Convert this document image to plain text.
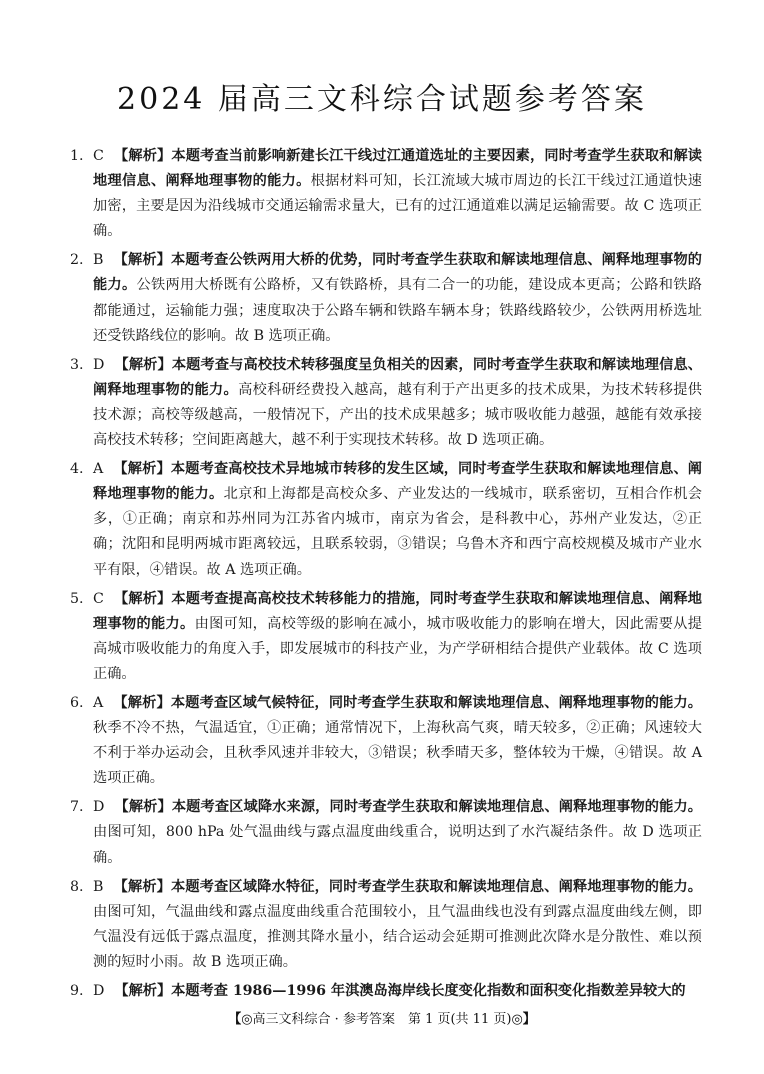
2024 届高三文科综合试题参考答案
1. C 【解析】本题考查当前影响新建长江干线过江通道选址的主要因素，同时考查学生获取和解读地理信息、阐释地理事物的能力。根据材料可知，长江流域大城市周边的长江干线过江通道快速加密，主要是因为沿线城市交通运输需求量大，已有的过江通道难以满足运输需要。故 C 选项正确。
2. B 【解析】本题考查公铁两用大桥的优势，同时考查学生获取和解读地理信息、阐释地理事物的能力。公铁两用大桥既有公路桥，又有铁路桥，具有二合一的功能，建设成本更高；公路和铁路都能通过，运输能力强；速度取决于公路车辆和铁路车辆本身；铁路线路较少，公铁两用桥选址还受铁路线位的影响。故 B 选项正确。
3. D 【解析】本题考查与高校技术转移强度呈负相关的因素，同时考查学生获取和解读地理信息、阐释地理事物的能力。高校科研经费投入越高，越有利于产出更多的技术成果，为技术转移提供技术源；高校等级越高，一般情况下，产出的技术成果越多；城市吸收能力越强，越能有效承接高校技术转移；空间距离越大，越不利于实现技术转移。故 D 选项正确。
4. A 【解析】本题考查高校技术异地城市转移的发生区域，同时考查学生获取和解读地理信息、阐释地理事物的能力。北京和上海都是高校众多、产业发达的一线城市，联系密切，互相合作机会多，①正确；南京和苏州同为江苏省内城市，南京为省会，是科教中心，苏州产业发达，②正确；沈阳和昆明两城市距离较远，且联系较弱，③错误；乌鲁木齐和西宁高校规模及城市产业水平有限，④错误。故 A 选项正确。
5. C 【解析】本题考查提高高校技术转移能力的措施，同时考查学生获取和解读地理信息、阐释地理事物的能力。由图可知，高校等级的影响在减小，城市吸收能力的影响在增大，因此需要从提高城市吸收能力的角度入手，即发展城市的科技产业，为产学研相结合提供产业载体。故 C 选项正确。
6. A 【解析】本题考查区域气候特征，同时考查学生获取和解读地理信息、阐释地理事物的能力。秋季不冷不热，气温适宜，①正确；通常情况下，上海秋高气爽，晴天较多，②正确；风速较大不利于举办运动会，且秋季风速并非较大，③错误；秋季晴天多，整体较为干燥，④错误。故 A 选项正确。
7. D 【解析】本题考查区域降水来源，同时考查学生获取和解读地理信息、阐释地理事物的能力。由图可知，800 hPa 处气温曲线与露点温度曲线重合，说明达到了水汽凝结条件。故 D 选项正确。
8. B 【解析】本题考查区域降水特征，同时考查学生获取和解读地理信息、阐释地理事物的能力。由图可知，气温曲线和露点温度曲线重合范围较小，且气温曲线也没有到露点温度曲线左侧，即气温没有远低于露点温度，推测其降水量小，结合运动会延期可推测此次降水是分散性、难以预测的短时小雨。故 B 选项正确。
9. D 【解析】本题考查 1986—1996 年淇澳岛海岸线长度变化指数和面积变化指数差异较大的
【◎高三文科综合 · 参考答案　第 1 页(共 11 页)◎】
